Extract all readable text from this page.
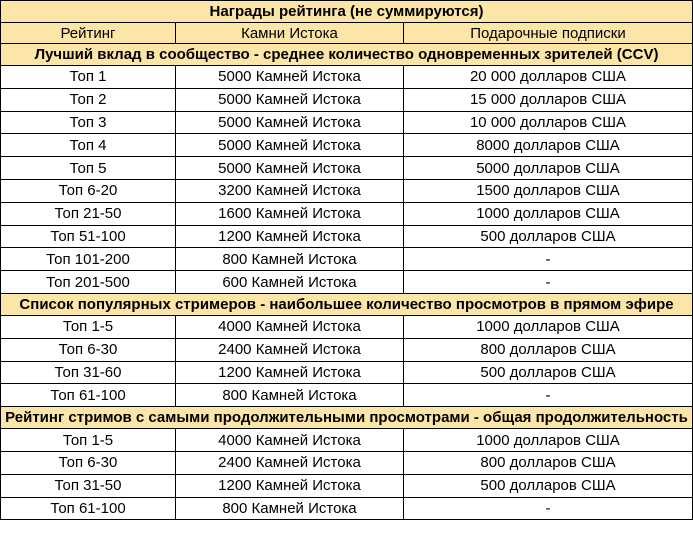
Награды рейтинга (не суммируются)		
Рейтинг	Камни Истока	Подарочные подписки
Лучший вклад в сообщество - среднее количество одновременных зрителей (CCV)		
Топ 1	5000 Камней Истока	20 000 долларов США
Топ 2	5000 Камней Истока	15 000 долларов США
Топ 3	5000 Камней Истока	10 000 долларов США
Топ 4	5000 Камней Истока	8000 долларов США
Топ 5	5000 Камней Истока	5000 долларов США
Топ 6-20	3200 Камней Истока	1500 долларов США
Топ 21-50	1600 Камней Истока	1000 долларов США
Топ 51-100	1200 Камней Истока	500 долларов США
Топ 101-200	800 Камней Истока	-
Топ 201-500	600 Камней Истока	-
Список популярных стримеров - наибольшее количество просмотров в прямом эфире		
Топ 1-5	4000 Камней Истока	1000 долларов США
Топ 6-30	2400 Камней Истока	800 долларов США
Топ 31-60	1200 Камней Истока	500 долларов США
Топ 61-100	800 Камней Истока	-
Рейтинг стримов с самыми продолжительными просмотрами - общая продолжительность		
Топ 1-5	4000 Камней Истока	1000 долларов США
Топ 6-30	2400 Камней Истока	800 долларов США
Топ 31-50	1200 Камней Истока	500 долларов США
Топ 61-100	800 Камней Истока	-
